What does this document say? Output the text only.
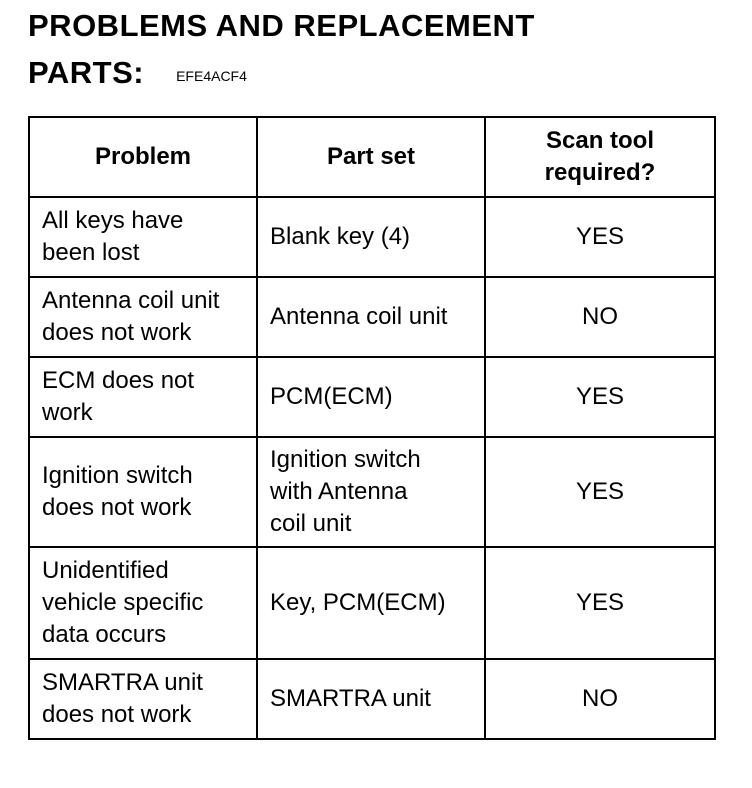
PROBLEMS AND REPLACEMENT
PARTS: EFE4ACF4
Problem	Part set	Scan tool
required?
All keys have
been lost	Blank key (4)	YES
Antenna coil unit
does not work	Antenna coil unit	NO
ECM does not
work	PCM(ECM)	YES
Ignition switch
does not work	Ignition switch
with Antenna
coil unit	YES
Unidentified
vehicle specific
data occurs	Key, PCM(ECM)	YES
SMARTRA unit
does not work	SMARTRA unit	NO
